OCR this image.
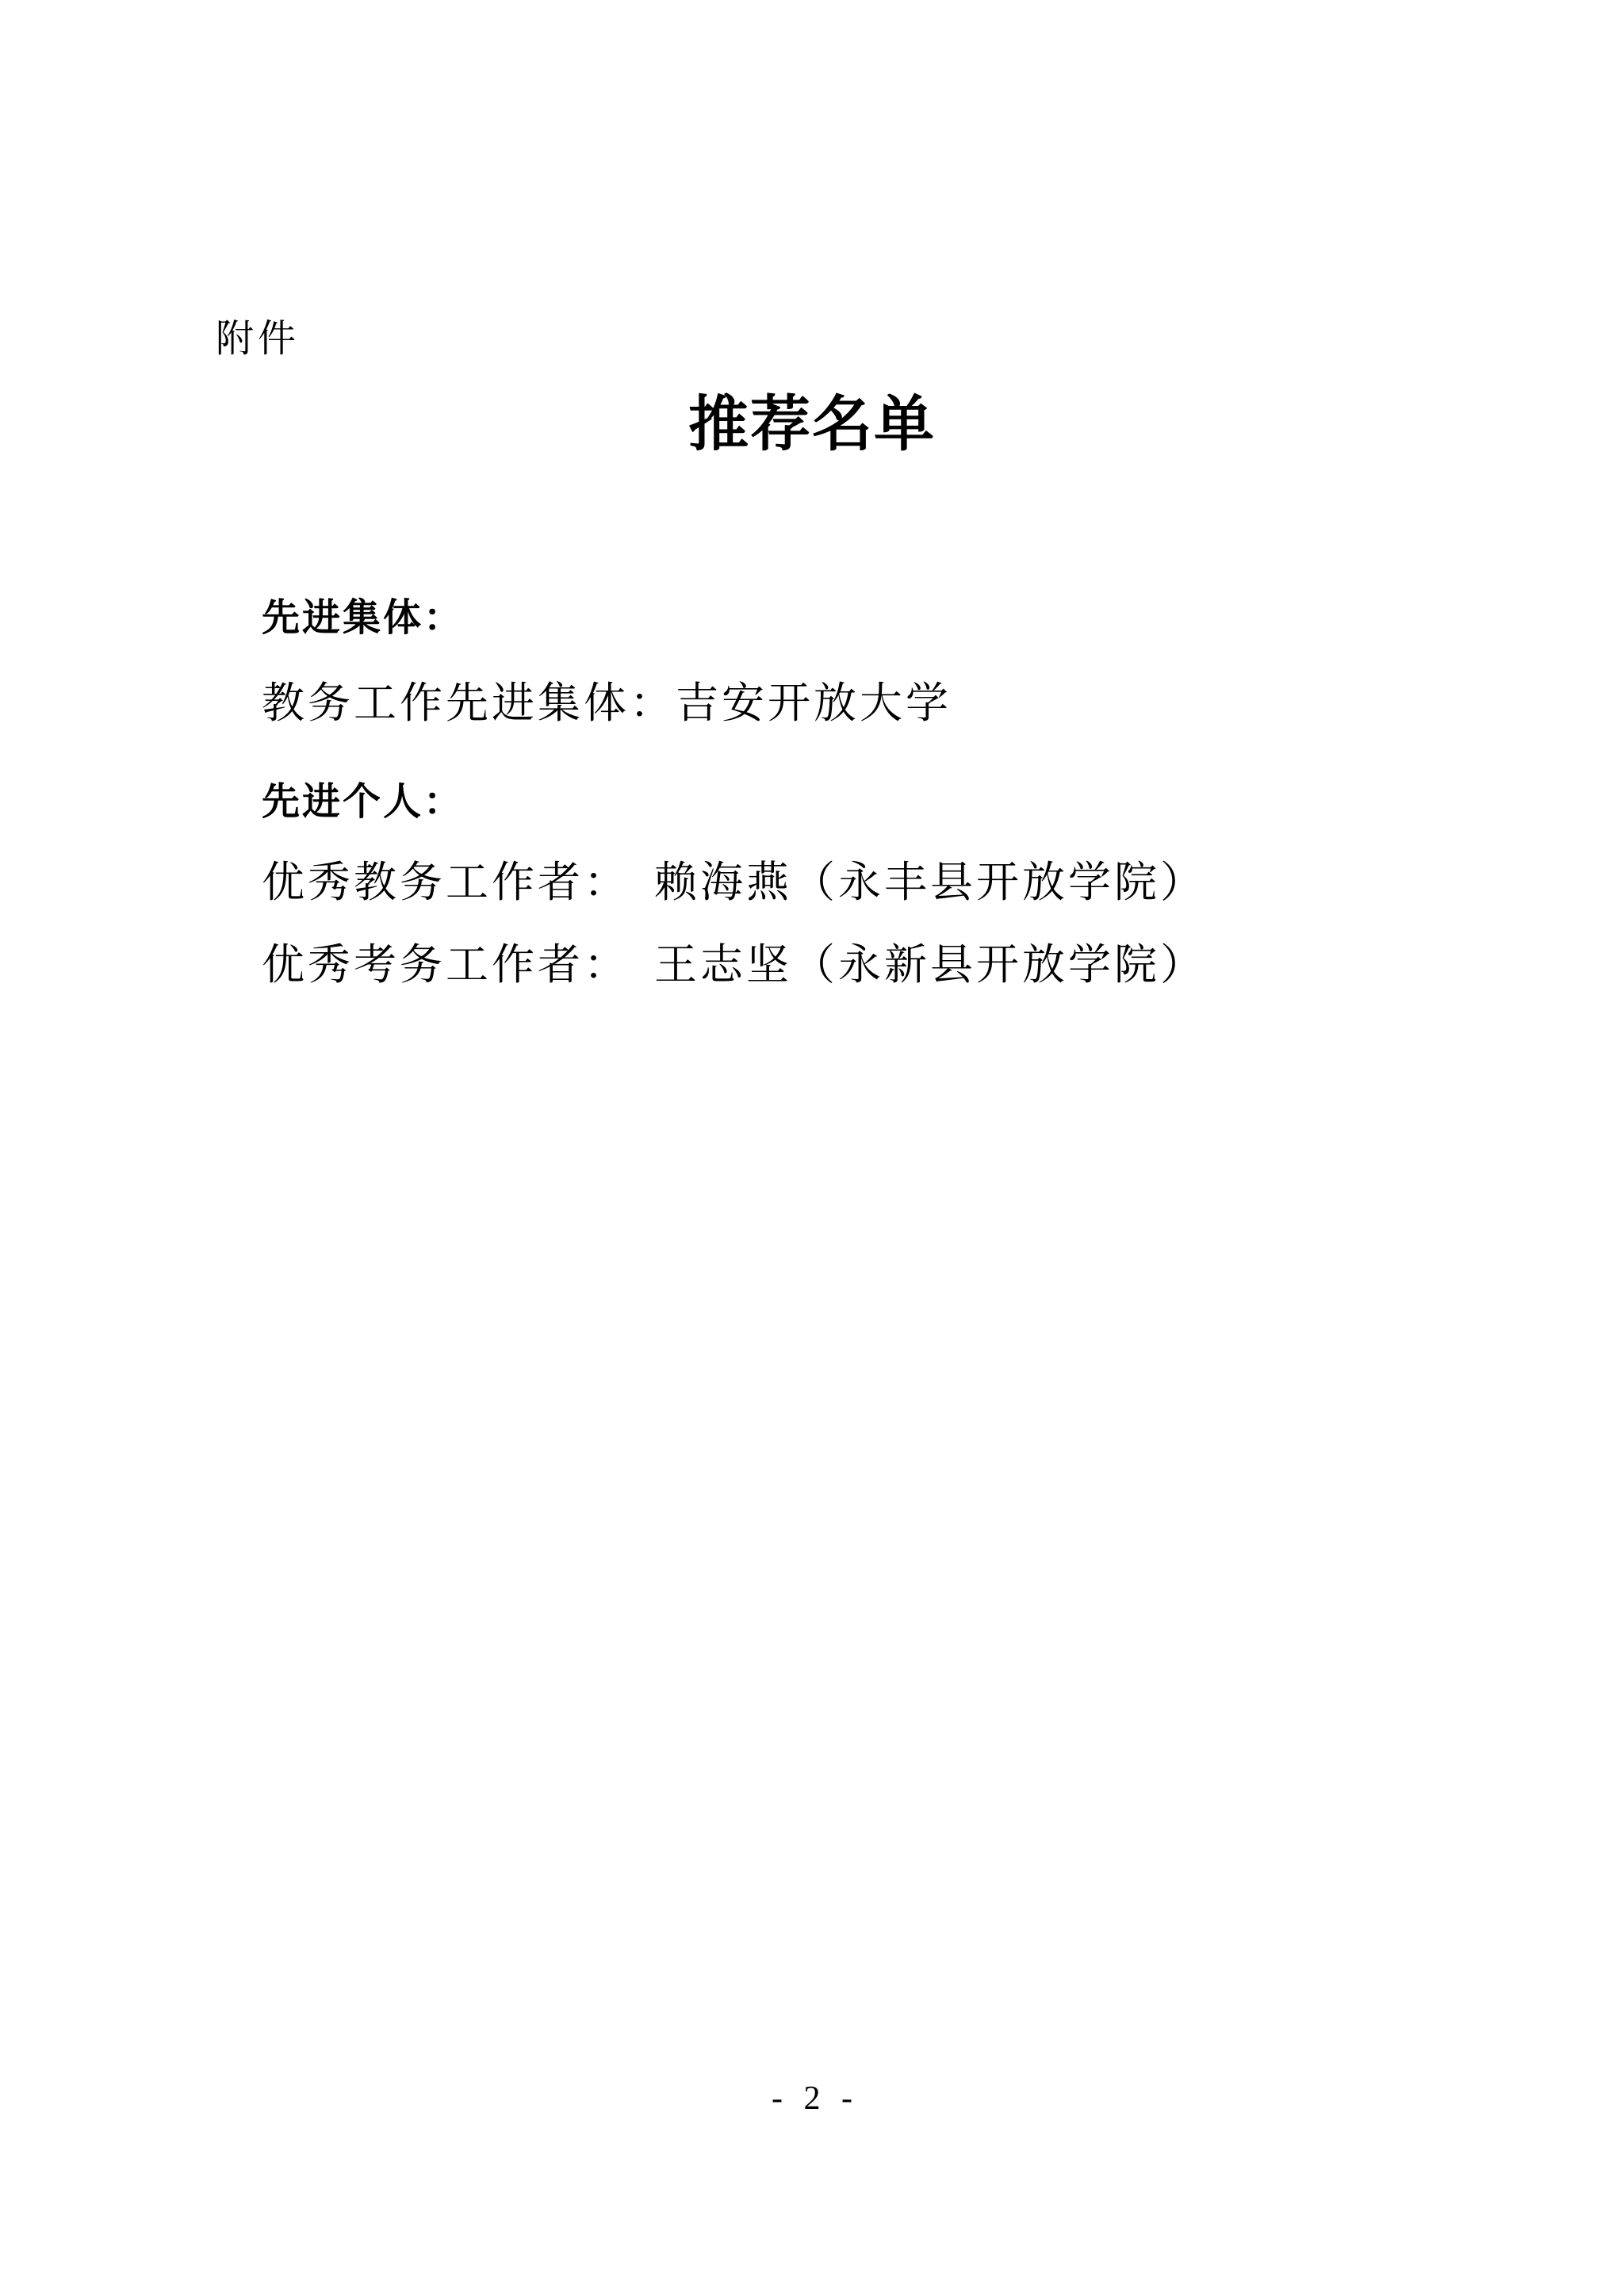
附件
推荐名单
先进集体：
教务工作先进集体：吉安开放大学
先进个人：
优秀教务工作者：　赖海燕（永丰县开放学院）
优秀考务工作者：　王志坚（永新县开放学院）
- 2 -
